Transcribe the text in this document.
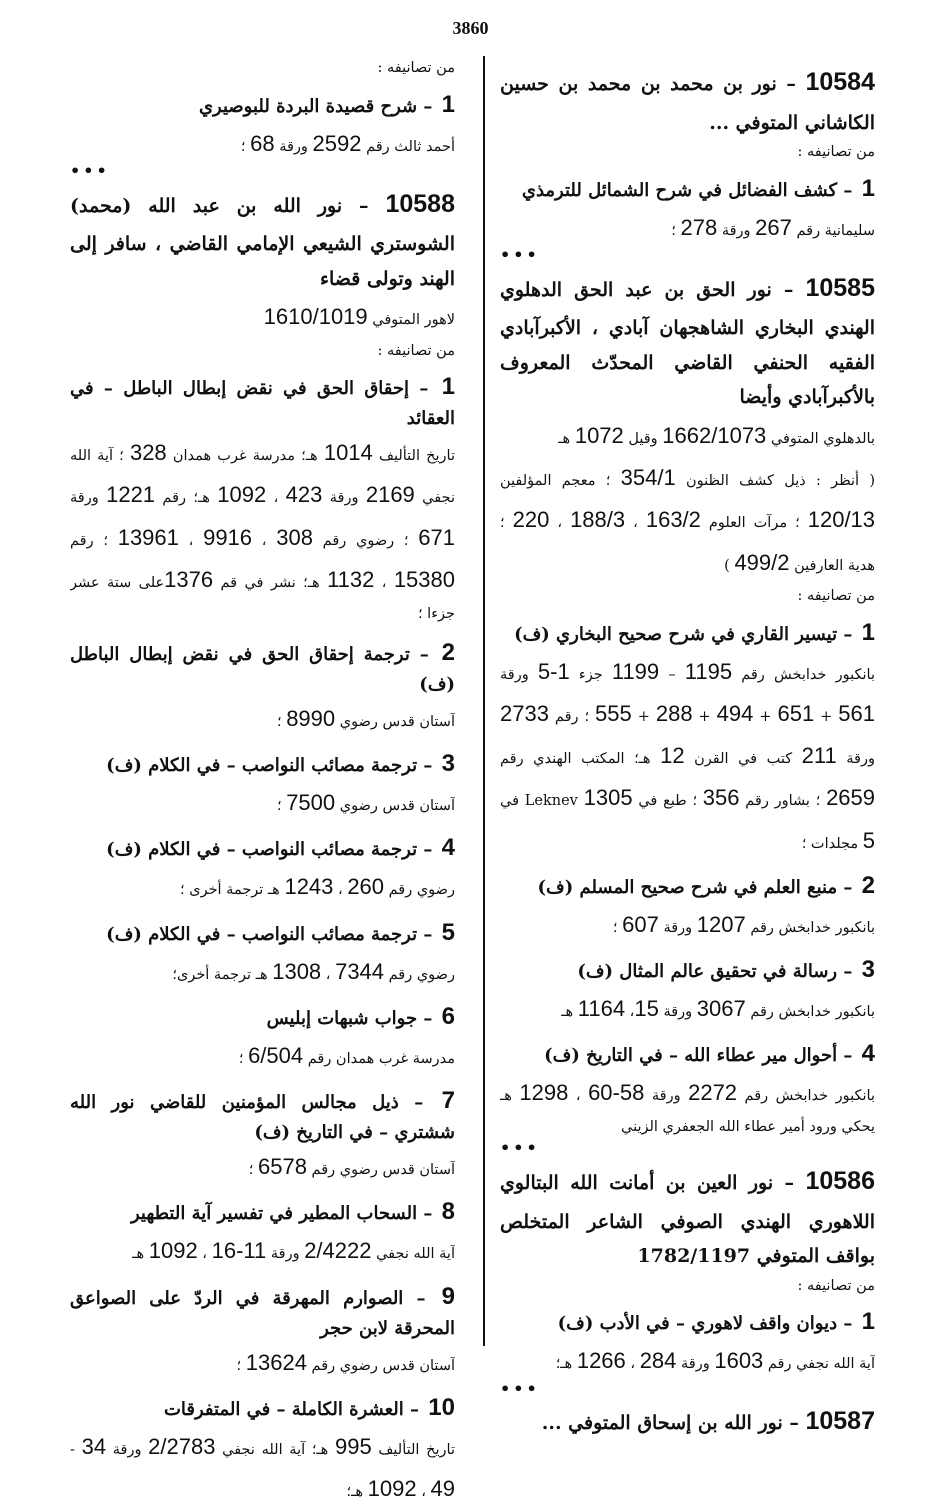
3860
10584 – نور بن محمد بن محمد بن حسين الكاشاني المتوفي ...
من تصانيفه :
1 – كشف الفضائل في شرح الشمائل للترمذي
سليمانية رقم 267 ورقة 278 ؛
•••
10585 – نور الحق بن عبد الحق الدهلوي الهندي البخاري الشاهجهان آبادي ، الأكبرآبادي الفقيه الحنفي القاضي المحدّث المعروف بالأكبرآبادي وأيضا
بالدهلوي المتوفي 1662/1073 وقيل 1072 هـ
( أنظر : ذيل كشف الظنون 354/1 ؛ معجم المؤلفين 120/13 ؛ مرآت العلوم 163/2 ، 188/3 ، 220 ؛ هدية العارفين 499/2 )
من تصانيفه :
1 – تيسير القاري في شرح صحيح البخاري (ف)
بانكبور خدابخش رقم 1195 – 1199 جزء 1-5 ورقة 561 + 651 + 494 + 288 + 555 ؛ رقم 2733 ورقة 211 كتب في القرن 12 هـ؛ المكتب الهندي رقم 2659 ؛ بشاور رقم 356 ؛ طبع في 1305 Leknev في 5 مجلدات ؛
2 – منبع العلم في شرح صحيح المسلم (ف)
بانكبور خدابخش رقم 1207 ورقة 607 ؛
3 – رسالة في تحقيق عالم المثال (ف)
بانكبور خدابخش رقم 3067 ورقة 15، 1164 هـ
4 – أحوال مير عطاء الله – في التاريخ (ف)
بانكبور خدابخش رقم 2272 ورقة 58-60 ، 1298 هـ يحكي ورود أمير عطاء الله الجعفري الزيني
•••
10586 – نور العين بن أمانت الله البتالوي اللاهوري الهندي الصوفي الشاعر المتخلص بواقف المتوفي 1782/1197
من تصانيفه :
1 – ديوان واقف لاهوري – في الأدب (ف)
آية الله نجفي رقم 1603 ورقة 284 ، 1266 هـ؛
•••
10587 – نور الله بن إسحاق المتوفي ...
من تصانيفه :
1 – شرح قصيدة البردة للبوصيري
أحمد ثالث رقم 2592 ورقة 68 ؛
•••
10588 – نور الله بن عبد الله (محمد) الشوستري الشيعي الإمامي القاضي ، سافر إلى الهند وتولى قضاء
لاهور المتوفي 1610/1019
من تصانيفه :
1 – إحقاق الحق في نقض إبطال الباطل – في العقائد
تاريخ التأليف 1014 هـ؛ مدرسة غرب همدان 328 ؛ آية الله نجفي 2169 ورقة 423 ، 1092 هـ؛ رقم 1221 ورقة 671 ؛ رضوي رقم 308 ، 9916 ، 13961 ؛ رقم 15380 ، 1132 هـ؛ نشر في قم 1376على ستة عشر جزءا ؛
2 – ترجمة إحقاق الحق في نقض إبطال الباطل (ف)
آستان قدس رضوي 8990 ؛
3 – ترجمة مصائب النواصب – في الكلام (ف)
آستان قدس رضوي 7500 ؛
4 – ترجمة مصائب النواصب – في الكلام (ف)
رضوي رقم 260 ، 1243 هـ ترجمة أخرى ؛
5 – ترجمة مصائب النواصب – في الكلام (ف)
رضوي رقم 7344 ، 1308 هـ ترجمة أخرى؛
6 – جواب شبهات إبليس
مدرسة غرب همدان رقم 6/504 ؛
7 – ذيل مجالس المؤمنين للقاضي نور الله ششتري – في التاريخ (ف)
آستان قدس رضوي رقم 6578 ؛
8 – السحاب المطير في تفسير آية التطهير
آية الله نجفي 2/4222 ورقة 11-16 ، 1092 هـ
9 – الصوارم المهرقة في الردّ على الصواعق المحرقة لابن حجر
آستان قدس رضوي رقم 13624 ؛
10 – العشرة الكاملة – في المتفرقات
تاريخ التأليف 995 هـ؛ آية الله نجفي 2/2783 ورقة 34 - 49 ، 1092 هـ؛
